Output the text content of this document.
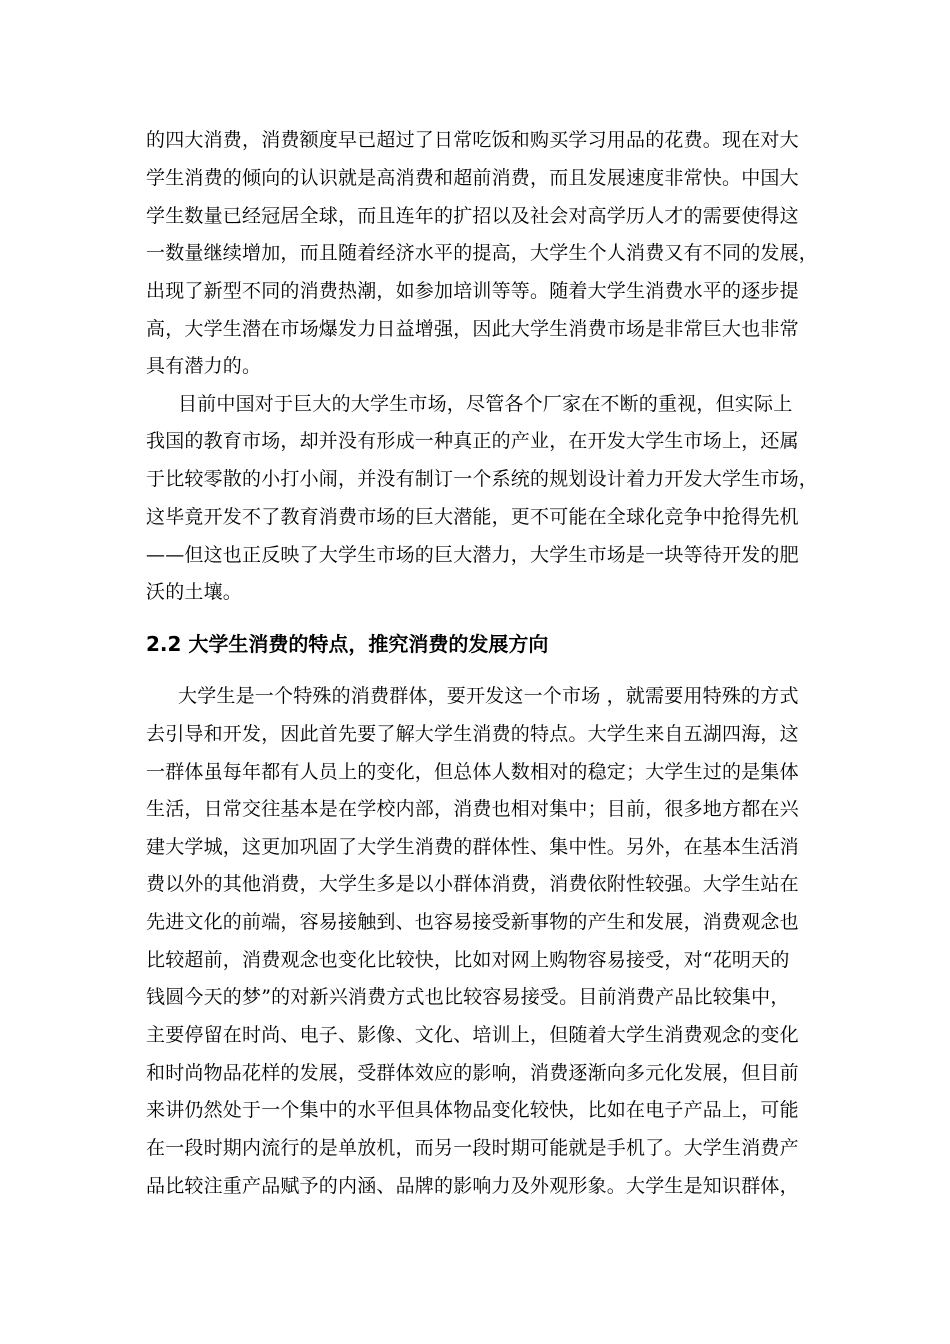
的四大消费，消费额度早已超过了日常吃饭和购买学习用品的花费。现在对大
学生消费的倾向的认识就是高消费和超前消费，而且发展速度非常快。中国大
学生数量已经冠居全球，而且连年的扩招以及社会对高学历人才的需要使得这
一数量继续增加，而且随着经济水平的提高，大学生个人消费又有不同的发展，
出现了新型不同的消费热潮，如参加培训等等。随着大学生消费水平的逐步提
高，大学生潜在市场爆发力日益增强，因此大学生消费市场是非常巨大也非常
具有潜力的。
目前中国对于巨大的大学生市场，尽管各个厂家在不断的重视，但实际上
我国的教育市场，却并没有形成一种真正的产业，在开发大学生市场上，还属
于比较零散的小打小闹，并没有制订一个系统的规划设计着力开发大学生市场，
这毕竟开发不了教育消费市场的巨大潜能，更不可能在全球化竞争中抢得先机
——但这也正反映了大学生市场的巨大潜力，大学生市场是一块等待开发的肥
沃的土壤。
2.2 大学生消费的特点，推究消费的发展方向
大学生是一个特殊的消费群体，要开发这一个市场 ，就需要用特殊的方式
去引导和开发，因此首先要了解大学生消费的特点。大学生来自五湖四海，这
一群体虽每年都有人员上的变化，但总体人数相对的稳定；大学生过的是集体
生活，日常交往基本是在学校内部，消费也相对集中；目前，很多地方都在兴
建大学城，这更加巩固了大学生消费的群体性、集中性。另外，在基本生活消
费以外的其他消费，大学生多是以小群体消费，消费依附性较强。大学生站在
先进文化的前端，容易接触到、也容易接受新事物的产生和发展，消费观念也
比较超前，消费观念也变化比较快，比如对网上购物容易接受，对“花明天的
钱圆今天的梦”的对新兴消费方式也比较容易接受。目前消费产品比较集中，
主要停留在时尚、电子、影像、文化、培训上，但随着大学生消费观念的变化
和时尚物品花样的发展，受群体效应的影响，消费逐渐向多元化发展，但目前
来讲仍然处于一个集中的水平但具体物品变化较快，比如在电子产品上，可能
在一段时期内流行的是单放机，而另一段时期可能就是手机了。大学生消费产
品比较注重产品赋予的内涵、品牌的影响力及外观形象。大学生是知识群体，
